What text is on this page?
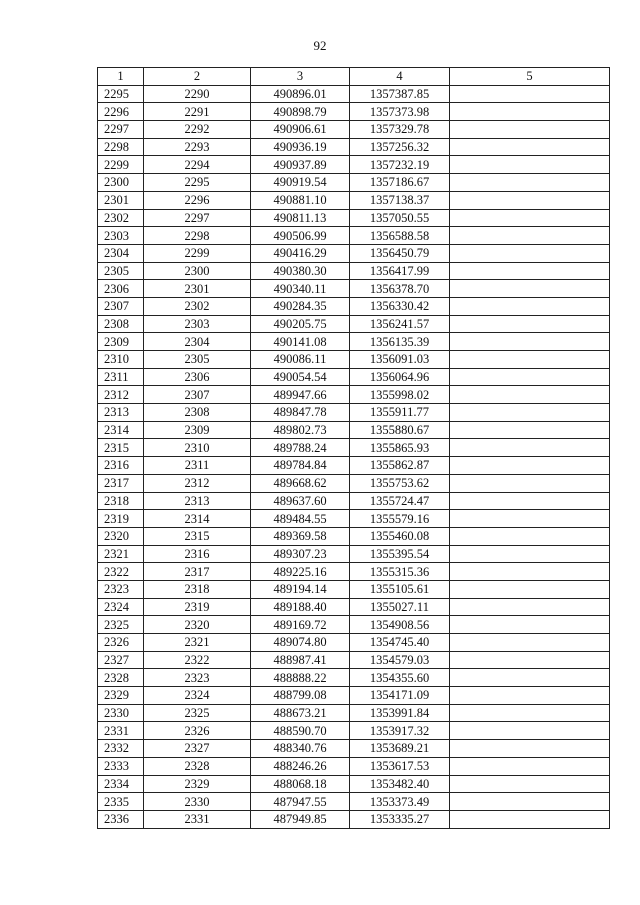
92
1	2	3	4	5
2295	2290	490896.01	1357387.85	
2296	2291	490898.79	1357373.98	
2297	2292	490906.61	1357329.78	
2298	2293	490936.19	1357256.32	
2299	2294	490937.89	1357232.19	
2300	2295	490919.54	1357186.67	
2301	2296	490881.10	1357138.37	
2302	2297	490811.13	1357050.55	
2303	2298	490506.99	1356588.58	
2304	2299	490416.29	1356450.79	
2305	2300	490380.30	1356417.99	
2306	2301	490340.11	1356378.70	
2307	2302	490284.35	1356330.42	
2308	2303	490205.75	1356241.57	
2309	2304	490141.08	1356135.39	
2310	2305	490086.11	1356091.03	
2311	2306	490054.54	1356064.96	
2312	2307	489947.66	1355998.02	
2313	2308	489847.78	1355911.77	
2314	2309	489802.73	1355880.67	
2315	2310	489788.24	1355865.93	
2316	2311	489784.84	1355862.87	
2317	2312	489668.62	1355753.62	
2318	2313	489637.60	1355724.47	
2319	2314	489484.55	1355579.16	
2320	2315	489369.58	1355460.08	
2321	2316	489307.23	1355395.54	
2322	2317	489225.16	1355315.36	
2323	2318	489194.14	1355105.61	
2324	2319	489188.40	1355027.11	
2325	2320	489169.72	1354908.56	
2326	2321	489074.80	1354745.40	
2327	2322	488987.41	1354579.03	
2328	2323	488888.22	1354355.60	
2329	2324	488799.08	1354171.09	
2330	2325	488673.21	1353991.84	
2331	2326	488590.70	1353917.32	
2332	2327	488340.76	1353689.21	
2333	2328	488246.26	1353617.53	
2334	2329	488068.18	1353482.40	
2335	2330	487947.55	1353373.49	
2336	2331	487949.85	1353335.27	
